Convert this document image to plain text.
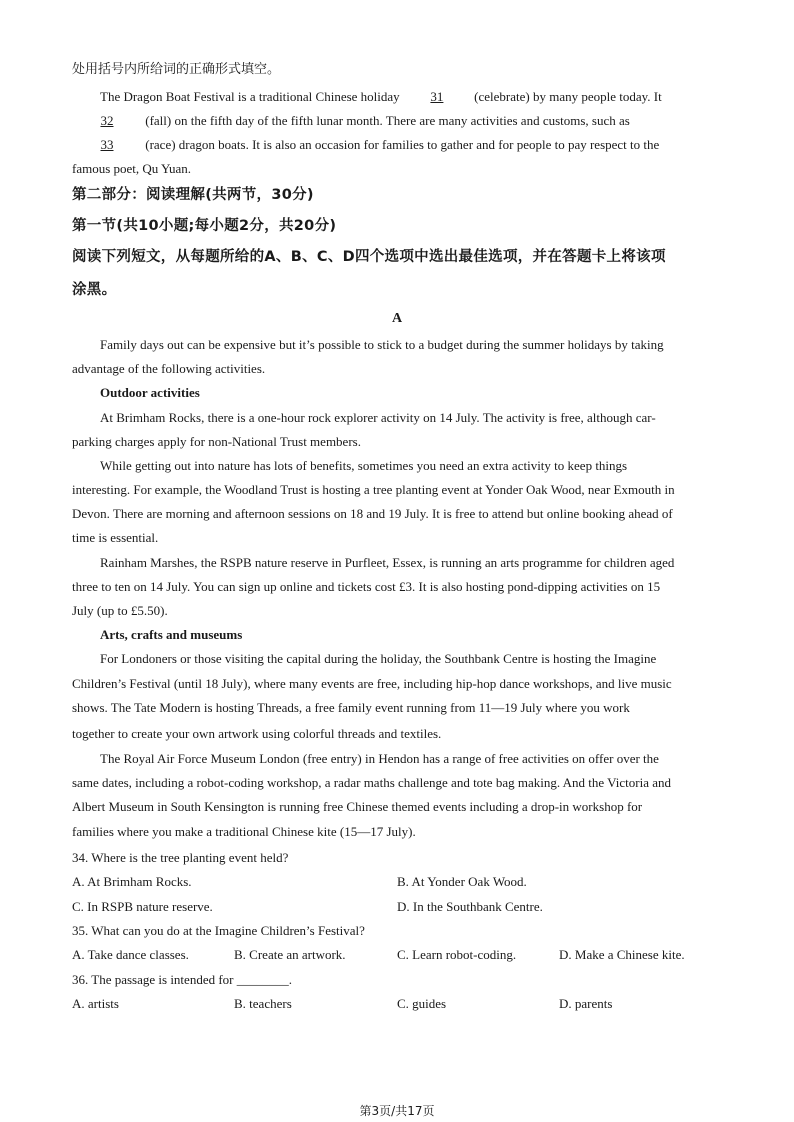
处用括号内所给词的正确形式填空。
The Dragon Boat Festival is a traditional Chinese holiday 31 (celebrate) by many people today. It
32 (fall) on the fifth day of the fifth lunar month. There are many activities and customs, such as
33 (race) dragon boats. It is also an occasion for families to gather and for people to pay respect to the
famous poet, Qu Yuan.
第二部分：阅读理解(共两节，30分)
第一节(共10小题;每小题2分，共20分)
阅读下列短文，从每题所给的A、B、C、D四个选项中选出最佳选项，并在答题卡上将该项
涂黑。
A
Family days out can be expensive but it’s possible to stick to a budget during the summer holidays by taking
advantage of the following activities.
Outdoor activities
At Brimham Rocks, there is a one-hour rock explorer activity on 14 July. The activity is free, although car-
parking charges apply for non-National Trust members.
While getting out into nature has lots of benefits, sometimes you need an extra activity to keep things
interesting. For example, the Woodland Trust is hosting a tree planting event at Yonder Oak Wood, near Exmouth in
Devon. There are morning and afternoon sessions on 18 and 19 July. It is free to attend but online booking ahead of
time is essential.
Rainham Marshes, the RSPB nature reserve in Purfleet, Essex, is running an arts programme for children aged
three to ten on 14 July. You can sign up online and tickets cost £3. It is also hosting pond-dipping activities on 15
July (up to £5.50).
Arts, crafts and museums
For Londoners or those visiting the capital during the holiday, the Southbank Centre is hosting the Imagine
Children’s Festival (until 18 July), where many events are free, including hip-hop dance workshops, and live music
shows. The Tate Modern is hosting Threads, a free family event running from 11—19 July where you work
together to create your own artwork using colorful threads and textiles.
The Royal Air Force Museum London (free entry) in Hendon has a range of free activities on offer over the
same dates, including a robot-coding workshop, a radar maths challenge and tote bag making. And the Victoria and
Albert Museum in South Kensington is running free Chinese themed events including a drop-in workshop for
families where you make a traditional Chinese kite (15—17 July).
34. Where is the tree planting event held?
A. At Brimham Rocks.	B. At Yonder Oak Wood.
C. In RSPB nature reserve.	D. In the Southbank Centre.
35. What can you do at the Imagine Children’s Festival?
A. Take dance classes.	B. Create an artwork.	C. Learn robot-coding.	D. Make a Chinese kite.
36. The passage is intended for ________.
A. artists	B. teachers	C. guides	D. parents
第3页/共17页
